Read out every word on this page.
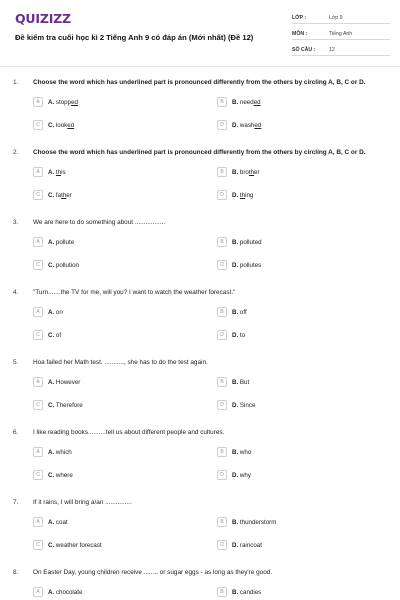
QUIZIZZ
Đề kiểm tra cuối học kì 2 Tiếng Anh 9 có đáp án (Mới nhất) (Đề 12)
LỚP :	Lớp 9
MÔN :	Tiếng Anh
SỐ CÂU :	12
1. Choose the word which has underlined part is pronounced differently from the others by circling A, B, C or D.
A	A. stopped	B	B. needed
C	C. looked	D	D. washed
2. Choose the word which has underlined part is pronounced differently from the others by circling A, B, C or D.
A	A. this	B	B. brother
C	C. father	D	D. thing
3. We are here to do something about .................
A	A. pollute	B	B. polluted
C	C. pollution	D	D. pollutes
4. "Turn.......the TV for me, will you? I want to watch the weather forecast."
A	A. on	B	B. off
C	C. of	D	D. to
5. Hoa failed her Math test. ..........., she has to do the test again.
A	A. However	B	B. But
C	C. Therefore	D	D. Since
6. I like reading books..........tell us about different people and cultures.
A	A. which	B	B. who
C	C. where	D	D. why
7. If it rains, I will bring a/an ...............
A	A. coat	B	B. thunderstorm
C	C. weather forecast	D	D. raincoat
8. On Easter Day, young children receive ........ or sugar eggs - as long as they're good.
A	A. chocolate	B	B. candies
